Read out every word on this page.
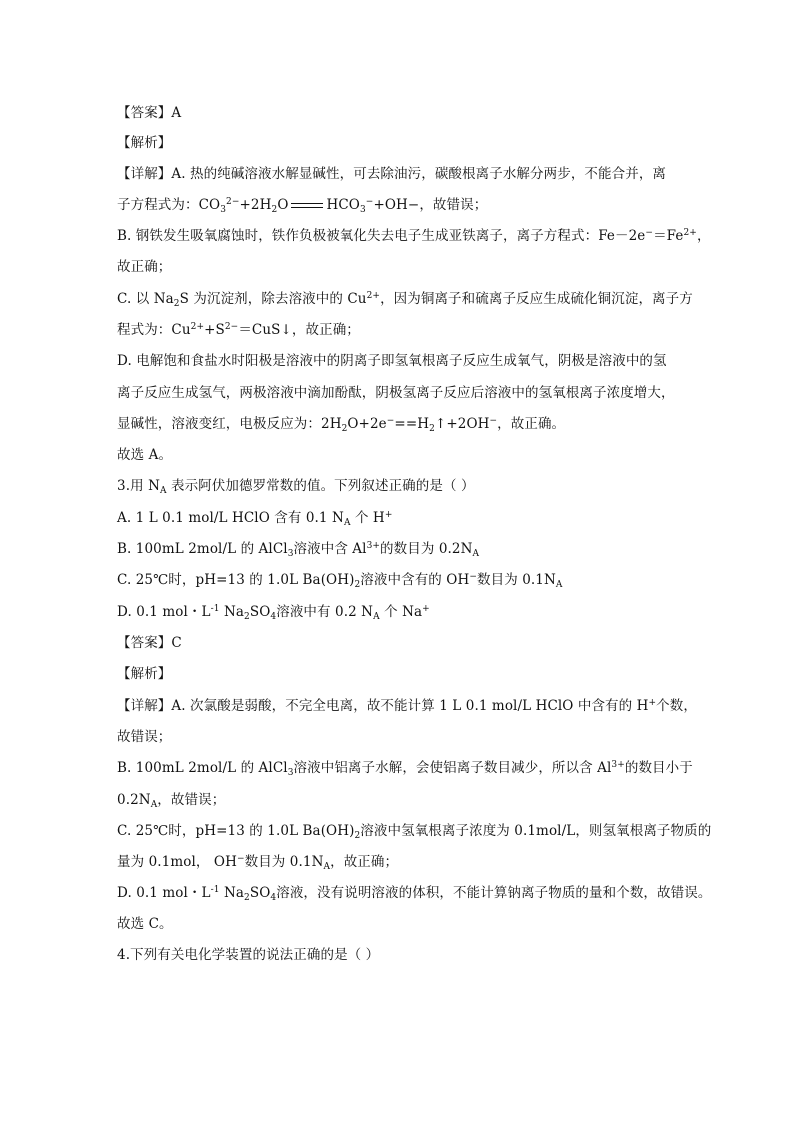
【答案】A
【解析】
【详解】A. 热的纯碱溶液水解显碱性，可去除油污，碳酸根离子水解分两步，不能合并，离
子方程式为：$CO_3^{2-}+2H_2O$	$HCO_3^-+OH-$，故错误；
B. 钢铁发生吸氧腐蚀时，铁作负极被氧化失去电子生成亚铁离子，离子方程式：$Fe-2e^-=Fe^{2+}$，
故正确；
C. 以 $Na_2S$ 为沉淀剂，除去溶液中的 $Cu^{2+}$，因为铜离子和硫离子反应生成硫化铜沉淀，离子方
程式为：$Cu^{2+}+S^{2-}=CuS↓$，故正确；
D. 电解饱和食盐水时阳极是溶液中的阴离子即氢氧根离子反应生成氧气，阴极是溶液中的氢
离子反应生成氢气，两极溶液中滴加酚酞，阴极氢离子反应后溶液中的氢氧根离子浓度增大，
显碱性，溶液变红，电极反应为：$2H_2O+2e^-==H_2↑+2OH^-$，故正确。
故选 A。
3.用 $N_A$ 表示阿伏加德罗常数的值。下列叙述正确的是（ ）
A. 1 L 0.1 mol/L HClO 含有 0.1 $N_A$ 个 H+
B. 100mL 2mol/L 的 AlCl$_3$溶液中含 $Al^{3+}$的数目为 $0.2N_A$
C. 25℃时，pH=13 的 1.0L $Ba(OH)_2$溶液中含有的 OH−数目为 $0.1N_A$
D. 0.1 mol・$L^{-1}$ $Na_2SO_4$溶液中有 0.2 $N_A$ 个 Na+
【答案】C
【解析】
【详解】A. 次氯酸是弱酸，不完全电离，故不能计算 1 L 0.1 mol/L HClO 中含有的 H+个数，
故错误；
B. 100mL 2mol/L 的 AlCl$_3$溶液中铝离子水解，会使铝离子数目减少，所以含 $Al^{3+}$的数目小于
$0.2N_A$，故错误；
C. 25℃时，pH=13 的 1.0L $Ba(OH)_2$溶液中氢氧根离子浓度为 0.1mol/L，则氢氧根离子物质的
量为 0.1mol， OH−数目为 $0.1N_A$，故正确；
D. 0.1 mol・$L^{-1}$ $Na_2SO_4$溶液，没有说明溶液的体积，不能计算钠离子物质的量和个数，故错误。
故选 C。
4.下列有关电化学装置的说法正确的是（ ）
